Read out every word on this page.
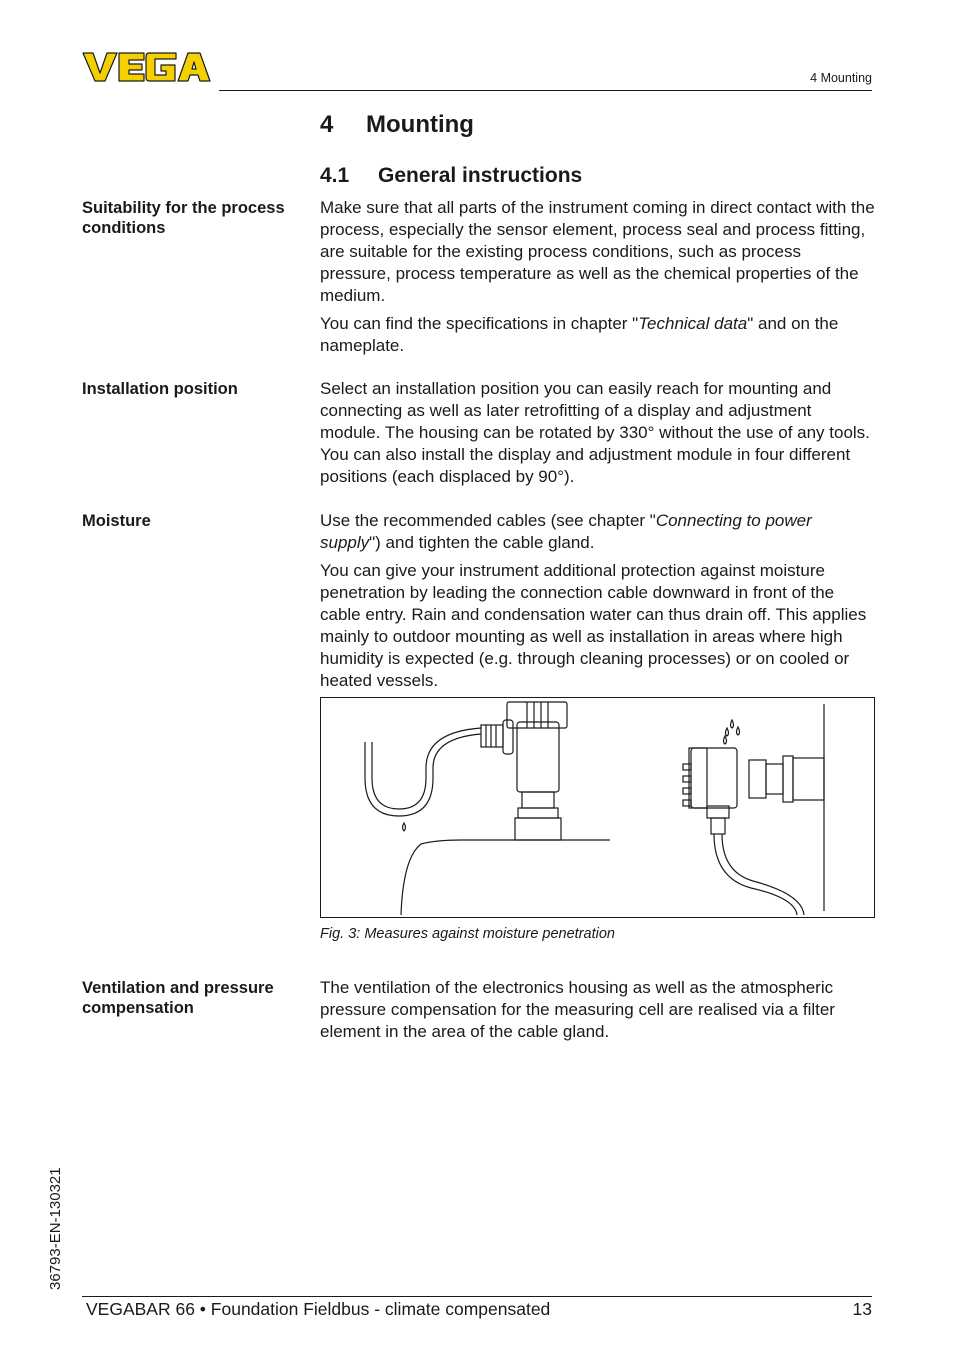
4 Mounting
4 Mounting
4.1 General instructions
Suitability for the process conditions

Make sure that all parts of the instrument coming in direct contact with the process, especially the sensor element, process seal and process fitting, are suitable for the existing process conditions, such as process pressure, process temperature as well as the chemical properties of the medium.

You can find the specifications in chapter "Technical data" and on the nameplate.

Installation position	Select an installation position you can easily reach for mounting and connecting as well as later retrofitting of a display and adjustment module. The housing can be rotated by 330° without the use of any tools. You can also install the display and adjustment module in four different positions (each displaced by 90°).

Moisture	Use the recommended cables (see chapter "Connecting to power supply") and tighten the cable gland.

You can give your instrument additional protection against moisture penetration by leading the connection cable downward in front of the cable entry. Rain and condensation water can thus drain off. This applies mainly to outdoor mounting as well as installation in areas where high humidity is expected (e.g. through cleaning processes) or on cooled or heated vessels.

Fig. 3: Measures against moisture penetration
Ventilation and pressure compensation

The ventilation of the electronics housing as well as the atmospheric pressure compensation for the measuring cell are realised via a filter element in the area of the cable gland.

36793-EN-130321
VEGABAR 66 • Foundation Fieldbus - climate compensated	13
